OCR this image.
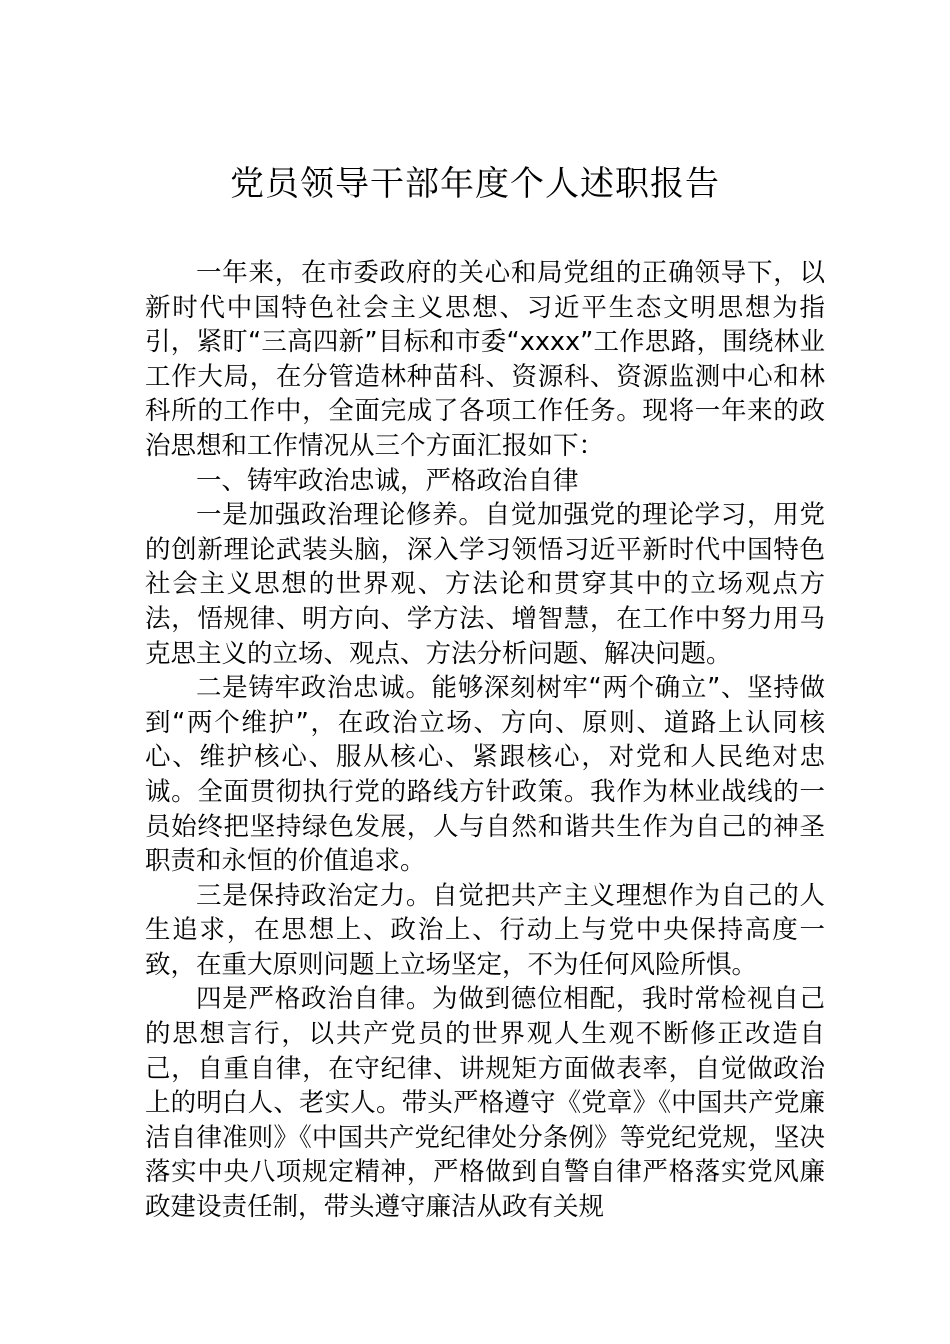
党员领导干部年度个人述职报告

一年来，在市委政府的关心和局党组的正确领导下，以新时代中国特色社会主义思想、习近平生态文明思想为指引，紧盯“三高四新”目标和市委“xxxx”工作思路，围绕林业工作大局，在分管造林种苗科、资源科、资源监测中心和林科所的工作中，全面完成了各项工作任务。现将一年来的政治思想和工作情况从三个方面汇报如下：

一、铸牢政治忠诚，严格政治自律

一是加强政治理论修养。自觉加强党的理论学习，用党的创新理论武装头脑，深入学习领悟习近平新时代中国特色社会主义思想的世界观、方法论和贯穿其中的立场观点方法，悟规律、明方向、学方法、增智慧，在工作中努力用马克思主义的立场、观点、方法分析问题、解决问题。

二是铸牢政治忠诚。能够深刻树牢“两个确立”、坚持做到“两个维护”，在政治立场、方向、原则、道路上认同核心、维护核心、服从核心、紧跟核心，对党和人民绝对忠诚。全面贯彻执行党的路线方针政策。我作为林业战线的一员始终把坚持绿色发展，人与自然和谐共生作为自己的神圣职责和永恒的价值追求。

三是保持政治定力。自觉把共产主义理想作为自己的人生追求，在思想上、政治上、行动上与党中央保持高度一致，在重大原则问题上立场坚定，不为任何风险所惧。

四是严格政治自律。为做到德位相配，我时常检视自己的思想言行，以共产党员的世界观人生观不断修正改造自己，自重自律，在守纪律、讲规矩方面做表率，自觉做政治上的明白人、老实人。带头严格遵守《党章》《中国共产党廉洁自律准则》《中国共产党纪律处分条例》等党纪党规，坚决落实中央八项规定精神，严格做到自警自律严格落实党风廉政建设责任制，带头遵守廉洁从政有关规
